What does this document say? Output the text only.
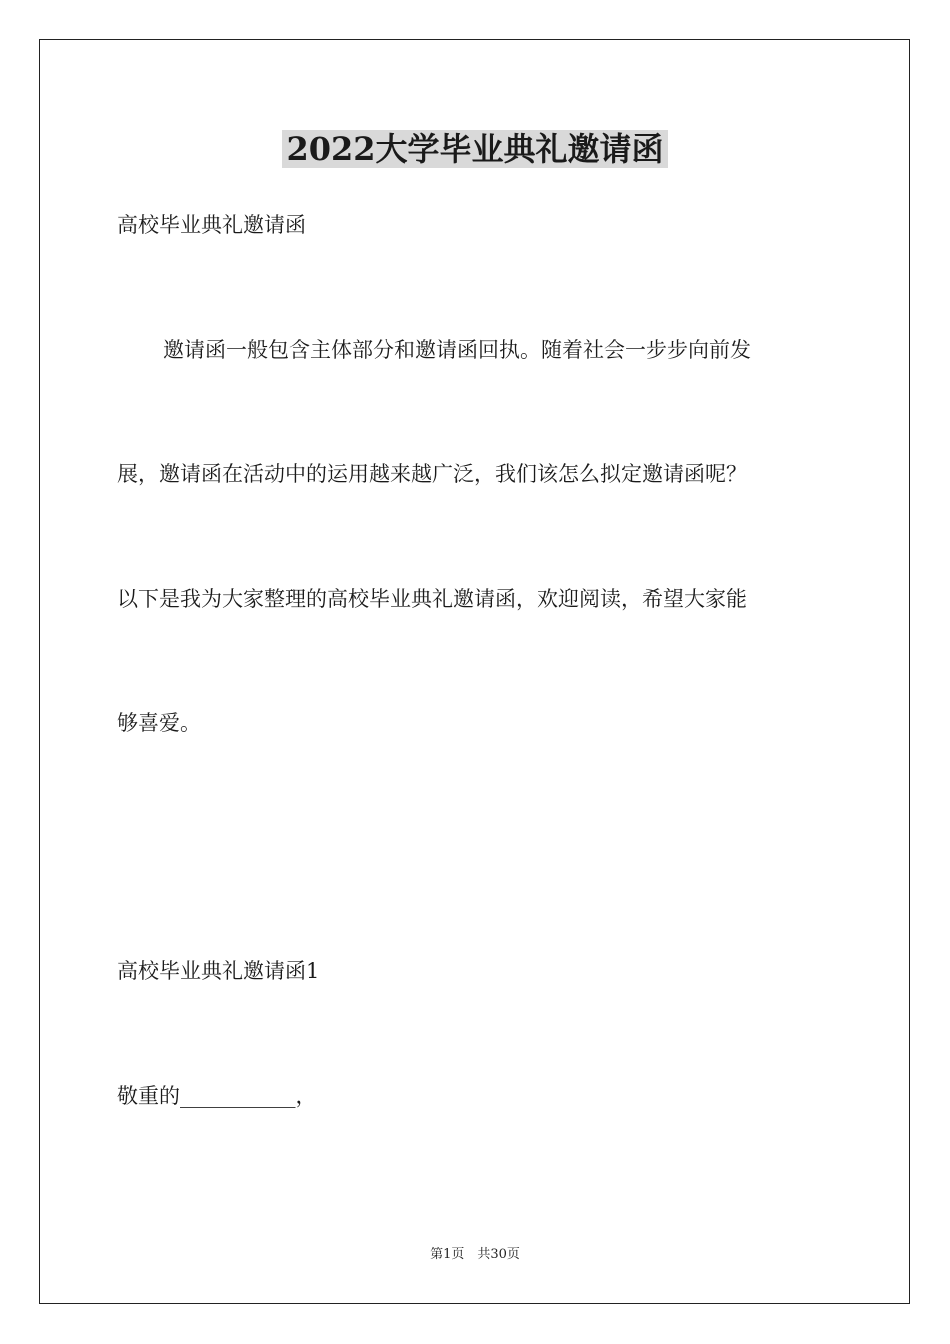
2022大学毕业典礼邀请函
高校毕业典礼邀请函
邀请函一般包含主体部分和邀请函回执。随着社会一步步向前发
展，邀请函在活动中的运用越来越广泛，我们该怎么拟定邀请函呢？
以下是我为大家整理的高校毕业典礼邀请函，欢迎阅读，希望大家能
够喜爱。
高校毕业典礼邀请函1
敬重的___________，
第1页　共30页
